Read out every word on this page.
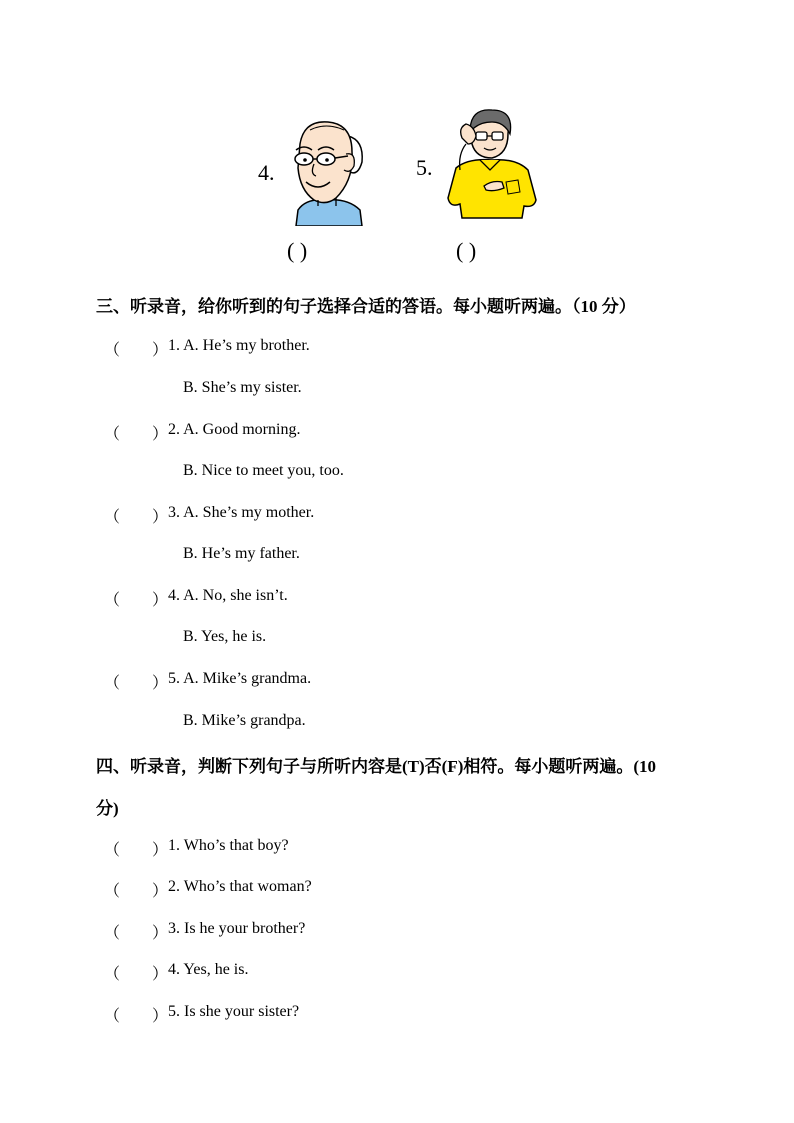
4.
( )
5.
( )
三、听录音，给你听到的句子选择合适的答语。每小题听两遍。（10 分）
（ ） 1. A. He’s my brother.
B. She’s my sister.
（ ） 2. A. Good morning.
B. Nice to meet you, too.
（ ） 3. A. She’s my mother.
B. He’s my father.
（ ） 4. A. No, she isn’t.
B. Yes, he is.
（ ） 5. A. Mike’s grandma.
B. Mike’s grandpa.
四、听录音，判断下列句子与所听内容是(T)否(F)相符。每小题听两遍。(10
分)
（ ） 1. Who’s that boy?
（ ） 2. Who’s that woman?
（ ） 3. Is he your brother?
（ ） 4. Yes, he is.
（ ） 5. Is she your sister?
